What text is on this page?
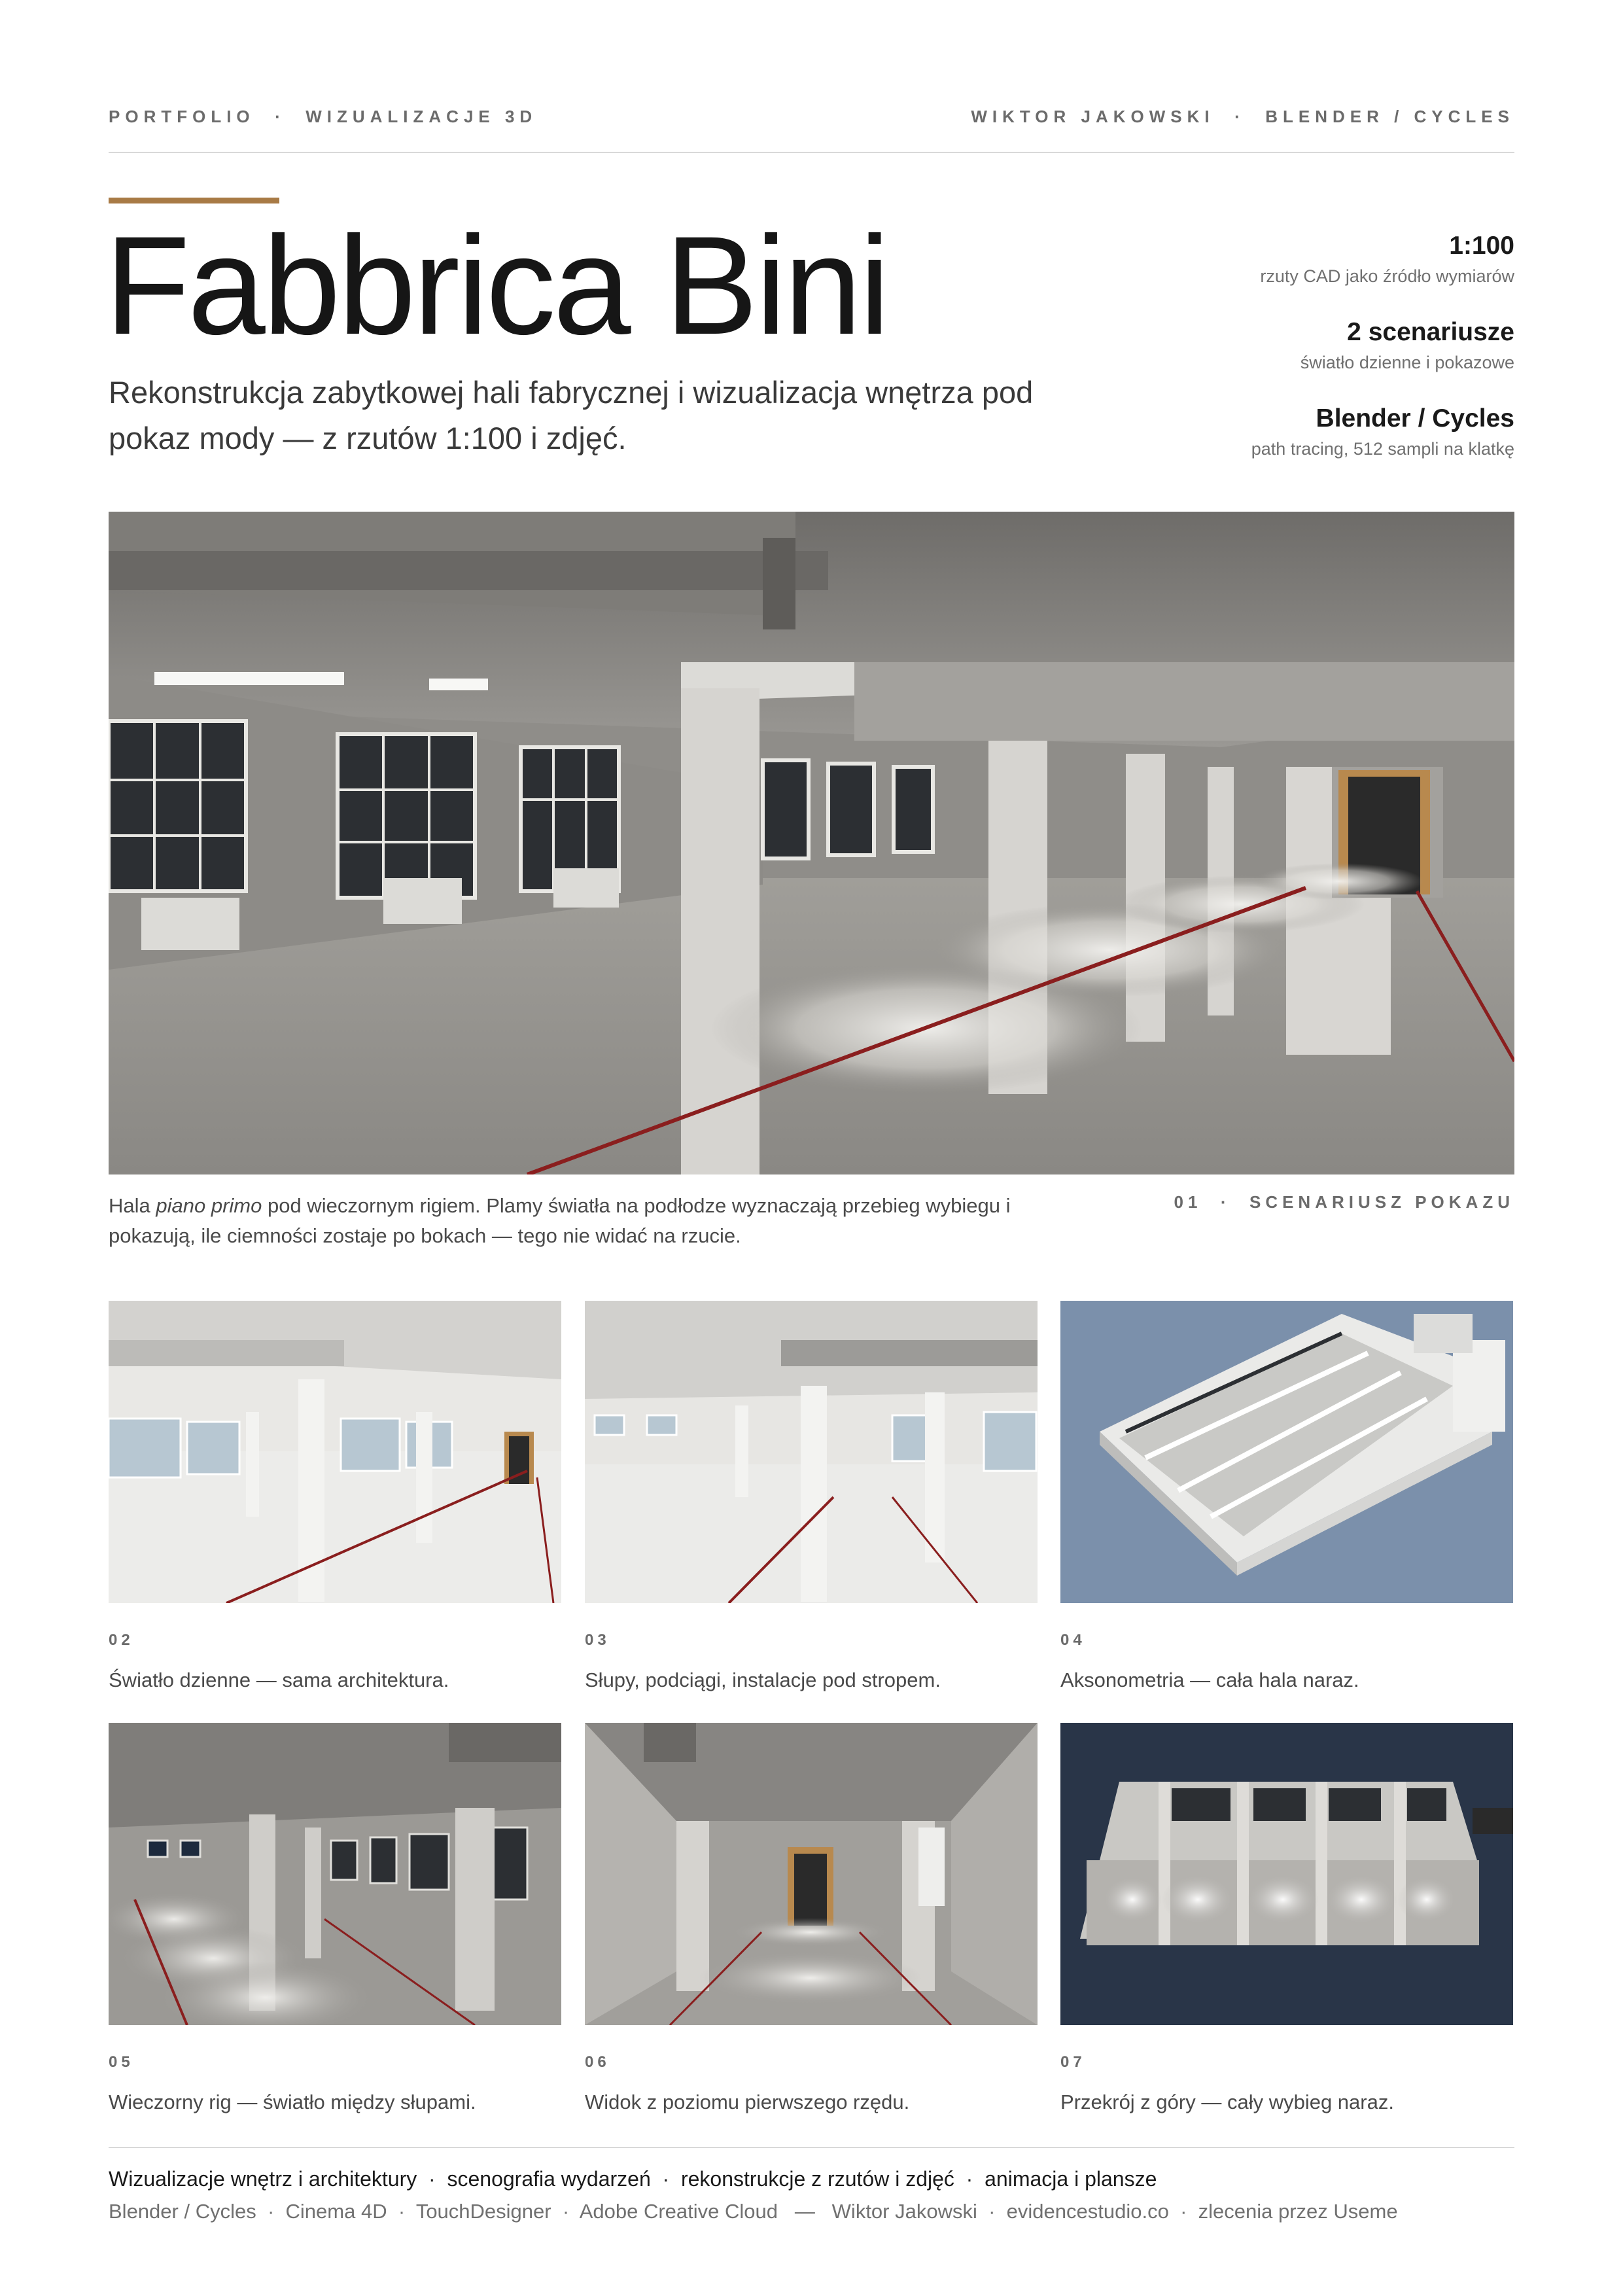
PORTFOLIO  ·  WIZUALIZACJE 3D	WIKTOR JAKOWSKI  ·  BLENDER / CYCLES
Fabbrica Bini
Rekonstrukcja zabytkowej hali fabrycznej i wizualizacja wnętrza pod pokaz mody — z rzutów 1:100 i zdjęć.
1:100
rzuty CAD jako źródło wymiarów
2 scenariusze
światło dzienne i pokazowe
Blender / Cycles
path tracing, 512 sampli na klatkę
Hala piano primo pod wieczornym rigiem. Plamy światła na podłodze wyznaczają przebieg wybiegu i pokazują, ile ciemności zostaje po bokach — tego nie widać na rzucie.
01  ·  SCENARIUSZ POKAZU
02	03	04
Światło dzienne — sama architektura.	Słupy, podciągi, instalacje pod stropem.	Aksonometria — cała hala naraz.
05	06	07
Wieczorny rig — światło między słupami.	Widok z poziomu pierwszego rzędu.	Przekrój z góry — cały wybieg naraz.
Wizualizacje wnętrz i architektury · scenografia wydarzeń · rekonstrukcje z rzutów i zdjęć · animacja i plansze
Blender / Cycles · Cinema 4D · TouchDesigner · Adobe Creative Cloud — Wiktor Jakowski · evidencestudio.co · zlecenia przez Useme
